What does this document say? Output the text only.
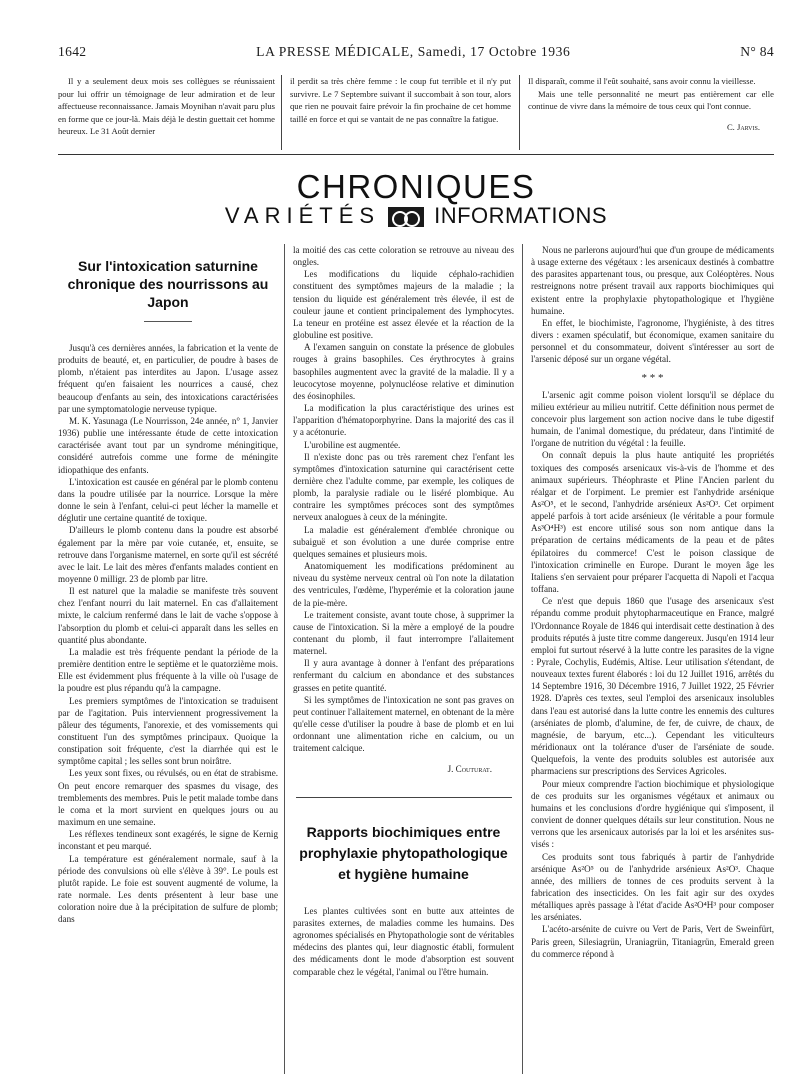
1642	LA PRESSE MÉDICALE, Samedi, 17 Octobre 1936	N° 84

Il y a seulement deux mois ses collègues se réunissaient pour lui offrir un témoignage de leur admiration et de leur affectueuse reconnaissance. Jamais Moynihan n'avait paru plus en forme que ce jour-là. Mais déjà le destin guettait cet homme heureux. Le 31 Août dernier

il perdit sa très chère femme : le coup fut terrible et il n'y put survivre. Le 7 Septembre suivant il succombait à son tour, alors que rien ne pouvait faire prévoir la fin prochaine de cet homme taillé en force et qui se vantait de ne pas connaître la fatigue.

Il disparaît, comme il l'eût souhaité, sans avoir connu la vieillesse.

Mais une telle personnalité ne meurt pas entièrement car elle continue de vivre dans la mémoire de tous ceux qui l'ont connue.

C. Jarvis.

CHRONIQUES
VARIÉTÉS INFORMATIONS

Sur l'intoxication saturnine chronique des nourrissons au Japon

Jusqu'à ces dernières années, la fabrication et la vente de produits de beauté, et, en particulier, de poudre à bases de plomb, n'étaient pas interdites au Japon. L'usage assez fréquent qu'en faisaient les nourrices a causé, chez beaucoup d'enfants au sein, des intoxications caractérisées par une symptomatologie nerveuse typique.

M. K. Yasunaga (Le Nourrisson, 24e année, n° 1, Janvier 1936) publie une intéressante étude de cette intoxication caractérisée avant tout par un syndrome méningitique, considéré autrefois comme une forme de méningite idiopathique des enfants.

L'intoxication est causée en général par le plomb contenu dans la poudre utilisée par la nourrice. Lorsque la mère donne le sein à l'enfant, celui-ci peut lécher la mamelle et déglutir une certaine quantité de toxique.

D'ailleurs le plomb contenu dans la poudre est absorbé également par la mère par voie cutanée, et, ensuite, se retrouve dans l'organisme maternel, en sorte qu'il est sécrété avec le lait. Le lait des mères d'enfants malades contient en moyenne 0 milligr. 23 de plomb par litre.

Il est naturel que la maladie se manifeste très souvent chez l'enfant nourri du lait maternel. En cas d'allaitement mixte, le calcium renfermé dans le lait de vache s'oppose à l'absorption du plomb et celui-ci apparaît dans les selles en quantité plus abondante.

La maladie est très fréquente pendant la période de la première dentition entre le septième et le quatorzième mois. Elle est évidemment plus fréquente à la ville où l'usage de la poudre est plus répandu qu'à la campagne.

Les premiers symptômes de l'intoxication se traduisent par de l'agitation. Puis interviennent progressivement la pâleur des téguments, l'anorexie, et des vomissements qui constituent l'un des symptômes principaux. Quoique la constipation soit fréquente, c'est la diarrhée qui est le symptôme capital ; les selles sont brun noirâtre.

Les yeux sont fixes, ou révulsés, ou en état de strabisme. On peut encore remarquer des spasmes du visage, des tremblements des membres. Puis le petit malade tombe dans le coma et la mort survient en quelques jours ou au maximum en une semaine.

Les réflexes tendineux sont exagérés, le signe de Kernig inconstant et peu marqué.

La température est généralement normale, sauf à la période des convulsions où elle s'élève à 39°. Le pouls est plutôt rapide. Le foie est souvent augmenté de volume, la rate normale. Les dents présentent à leur base une coloration noire due à la précipitation de sulfure de plomb; dans

la moitié des cas cette coloration se retrouve au niveau des ongles.

Les modifications du liquide céphalo-rachidien constituent des symptômes majeurs de la maladie ; la tension du liquide est généralement très élevée, il est de couleur jaune et contient principalement des lymphocytes. La teneur en protéine est assez élevée et la réaction de la globuline est positive.

A l'examen sanguin on constate la présence de globules rouges à grains basophiles. Ces érythrocytes à grains basophiles augmentent avec la gravité de la maladie. Il y a leucocytose moyenne, polynucléose relative et diminution des éosinophiles.

La modification la plus caractéristique des urines est l'apparition d'hématoporphyrine. Dans la majorité des cas il y a acétonurie.

L'urobiline est augmentée.

Il n'existe donc pas ou très rarement chez l'enfant les symptômes d'intoxication saturnine qui caractérisent cette dernière chez l'adulte comme, par exemple, les coliques de plomb, la paralysie radiale ou le liséré plombique. Au contraire les symptômes précoces sont des symptômes nerveux analogues à ceux de la méningite.

La maladie est généralement d'emblée chronique ou subaiguë et son évolution a une durée comprise entre quelques semaines et plusieurs mois.

Anatomiquement les modifications prédominent au niveau du système nerveux central où l'on note la dilatation des ventricules, l'œdème, l'hyperémie et la coloration jaune de la pie-mère.

Le traitement consiste, avant toute chose, à supprimer la cause de l'intoxication. Si la mère a employé de la poudre contenant du plomb, il faut interrompre l'allaitement maternel.

Il y aura avantage à donner à l'enfant des préparations renfermant du calcium en abondance et des substances grasses en petite quantité.

Si les symptômes de l'intoxication ne sont pas graves on peut continuer l'allaitement maternel, en obtenant de la mère qu'elle cesse d'utiliser la poudre à base de plomb et en lui ordonnant une alimentation riche en calcium, ou un traitement calcique.

J. Couturat.

Rapports biochimiques entre prophylaxie phytopathologique et hygiène humaine

Les plantes cultivées sont en butte aux atteintes de parasites externes, de maladies comme les humains. Des agronomes spécialisés en Phytopathologie sont de véritables médecins des plantes qui, leur diagnostic établi, formulent des médicaments dont le mode d'absorption est souvent comparable chez le végétal, l'animal ou l'être humain.

Nous ne parlerons aujourd'hui que d'un groupe de médicaments à usage externe des végétaux : les arsenicaux destinés à combattre des parasites appartenant tous, ou presque, aux Coléoptères. Nous restreignons notre présent travail aux rapports biochimiques qui existent entre la prophylaxie phytopathologique et l'hygiène humaine.

En effet, le biochimiste, l'agronome, l'hygiéniste, à des titres divers : examen spéculatif, but économique, examen sanitaire du personnel et du consommateur, doivent s'intéresser au sort de l'arsenic déposé sur un organe végétal.

* * *

L'arsenic agit comme poison violent lorsqu'il se déplace du milieu extérieur au milieu nutritif. Cette définition nous permet de concevoir plus largement son action nocive dans le tube digestif humain, de l'animal domestique, du prédateur, dans l'intimité de l'organe de nutrition du végétal : la feuille.

On connaît depuis la plus haute antiquité les propriétés toxiques des composés arsenicaux vis-à-vis de l'homme et des animaux supérieurs. Théophraste et Pline l'Ancien parlent du réalgar et de l'orpiment. Le premier est l'anhydride arsénique As²O⁵, et le second, l'anhydride arsénieux As²O³. Cet orpiment appelé parfois à tort acide arsénieux (le véritable a pour formule As³O⁴H³) est encore utilisé sous son nom antique dans la préparation de certains médicaments de la peau et de pâtes épilatoires du commerce! C'est le poison classique de l'intoxication criminelle en Europe. Durant le moyen âge les Italiens s'en servaient pour préparer l'acquetta di Napoli et l'acqua toffana.

Ce n'est que depuis 1860 que l'usage des arsenicaux s'est répandu comme produit phytopharmaceutique en France, malgré l'Ordonnance Royale de 1846 qui interdisait cette destination à des produits réputés à juste titre comme dangereux. Jusqu'en 1914 leur emploi fut surtout réservé à la lutte contre les parasites de la vigne : Pyrale, Cochylis, Eudémis, Altise. Leur utilisation s'étendant, de nouveaux textes furent élaborés : loi du 12 Juillet 1916, arrêtés du 14 Septembre 1916, 30 Décembre 1916, 7 Juillet 1922, 25 Février 1928. D'après ces textes, seul l'emploi des arsenicaux insolubles dans l'eau est autorisé dans la lutte contre les ennemis des cultures (arséniates de plomb, d'alumine, de fer, de cuivre, de chaux, de magnésie, de baryum, etc...). Cependant les viticulteurs méridionaux ont la tolérance d'user de l'arséniate de soude. Quelquefois, la vente des produits solubles est autorisée aux pharmaciens sur prescriptions des Services Agricoles.

Pour mieux comprendre l'action biochimique et physiologique de ces produits sur les organismes végétaux et animaux ou humains et les conclusions d'ordre hygiénique qui s'imposent, il convient de donner quelques détails sur leur constitution. Nous ne verrons que les arsenicaux autorisés par la loi et les arsénites sus-visés :

Ces produits sont tous fabriqués à partir de l'anhydride arsénique As²O⁵ ou de l'anhydride arsénieux As²O³. Chaque année, des milliers de tonnes de ces produits servent à la fabrication des insecticides. On les fait agir sur des oxydes métalliques après passage à l'état d'acide As²O⁴H³ pour composer les arséniates.

L'acéto-arsénite de cuivre ou Vert de Paris, Vert de Sweinfürt, Paris green, Silesiagrün, Uraniagrün, Titaniagrün, Emerald green du commerce répond à
